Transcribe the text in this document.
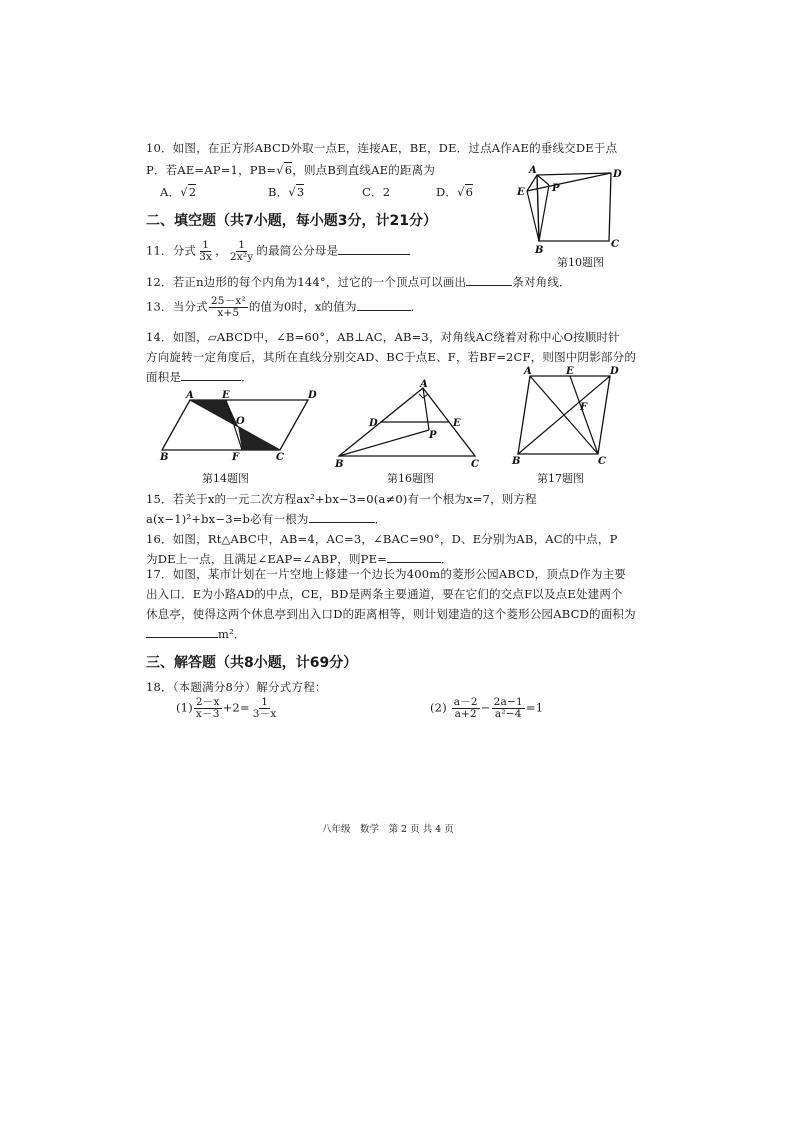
10．如图，在正方形ABCD外取一点E，连接AE，BE，DE．过点A作AE的垂线交DE于点
P．若AE=AP=1，PB=√6，则点B到直线AE的距离为
A．√2	B．√3	C．2	D．√6
A
E	P
D
B
C
第10题图
二、填空题（共7小题，每小题3分，计21分）
11．分式 $\frac{1}{3x}$ ， $\frac{1}{\text{2x²y}}$ 的最简公分母是
12．若正n边形的每个内角为144°，过它的一个顶点可以画出	条对角线．
13．当分式 $\frac{\text{25－x²}}{x+5}$ 的值为0时，x的值为	．
14．如图，▱ABCD中，∠B=60°，AB⊥AC，AB=3，对角线AC绕着对称中心O按顺时针
方向旋转一定角度后，其所在直线分别交AD、BC于点E、F，若BF=2CF，则图中阴影部分的
面积是	．
A	E	D
O
B	F	C
第14题图
A
D	E
P
B	C
第16题图
A	E	D
F
B	C
第17题图
15．若关于x的一元二次方程ax²+bx−3=0(a≠0)有一个根为x=7，则方程
a(x−1)²+bx−3=b必有一根为	．
16．如图，Rt△ABC中，AB=4，AC=3，∠BAC=90°，D、E分别为AB，AC的中点，P
为DE上一点，且满足∠EAP=∠ABP，则PE=	．
17．如图，某市计划在一片空地上修建一个边长为400m的菱形公园ABCD，顶点D作为主要
出入口．E为小路AD的中点，CE，BD是两条主要通道，要在它们的交点F以及点E处建两个
休息亭，使得这两个休息亭到出入口D的距离相等，则计划建造的这个菱形公园ABCD的面积为
m²．
三、解答题（共8小题，计69分）
18．（本题满分8分）解分式方程：
$(1) \frac{2-x}{x-3} +2= \frac{1}{3-x}$	$(2) \frac{a-2}{a+2} - \frac{2a-1}{\text{a²−4}} =1$
八年级　数学　第 2 页 共 4 页
